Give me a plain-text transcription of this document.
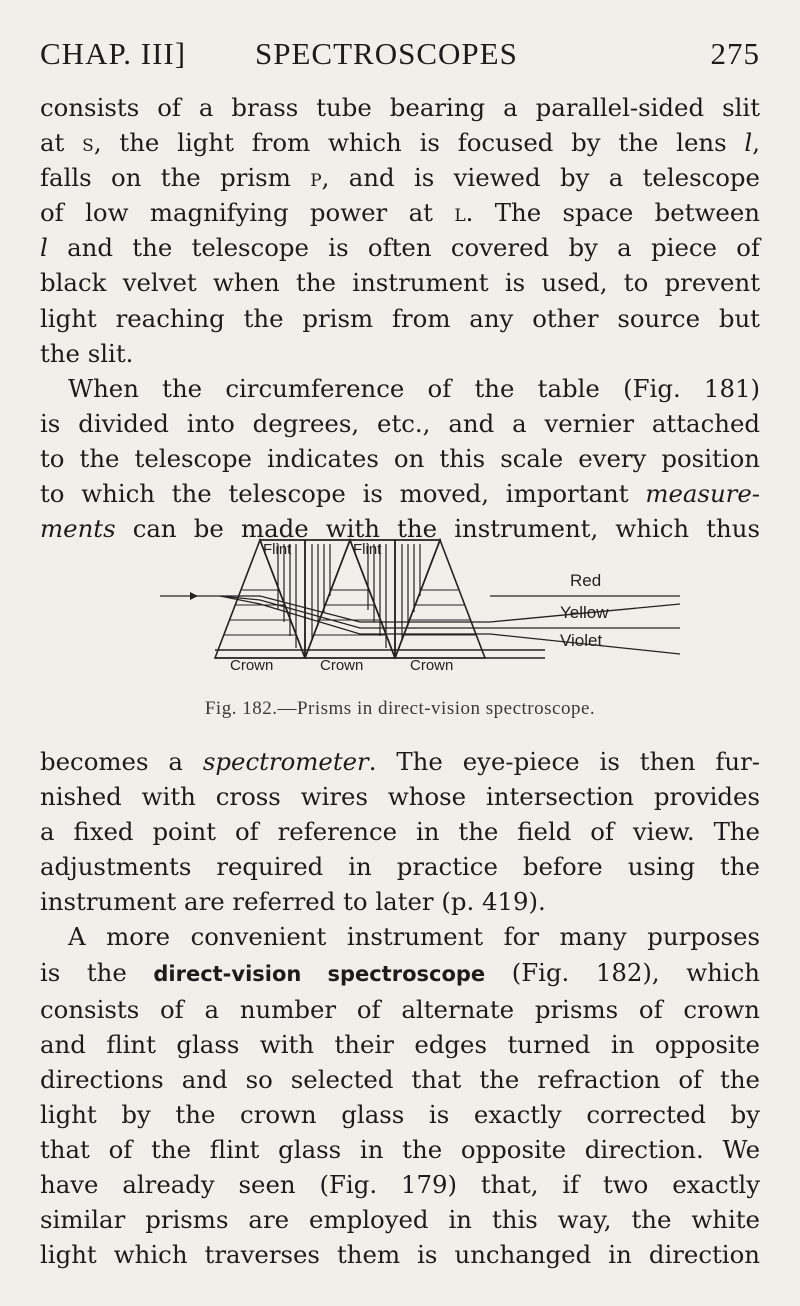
CHAP. III] SPECTROSCOPES	275
consists of a brass tube bearing a parallel-sided slit
at s, the light from which is focused by the lens l,
falls on the prism p, and is viewed by a telescope
of low magnifying power at l. The space between
l and the telescope is often covered by a piece of
black velvet when the instrument is used, to prevent
light reaching the prism from any other source but
the slit.
When the circumference of the table (Fig. 181)
is divided into degrees, etc., and a vernier attached
to the telescope indicates on this scale every position
to which the telescope is moved, important measure-
ments can be made with the instrument, which thus
Flint	Flint
Crown	Crown	Crown
Red
Yellow
Violet
Fig. 182.—Prisms in direct-vision spectroscope.
becomes a spectrometer. The eye-piece is then fur-
nished with cross wires whose intersection provides
a fixed point of reference in the field of view. The
adjustments required in practice before using the
instrument are referred to later (p. 419).
A more convenient instrument for many purposes
is the direct-vision spectroscope (Fig. 182), which
consists of a number of alternate prisms of crown
and flint glass with their edges turned in opposite
directions and so selected that the refraction of the
light by the crown glass is exactly corrected by
that of the flint glass in the opposite direction. We
have already seen (Fig. 179) that, if two exactly
similar prisms are employed in this way, the white
light which traverses them is unchanged in direction
